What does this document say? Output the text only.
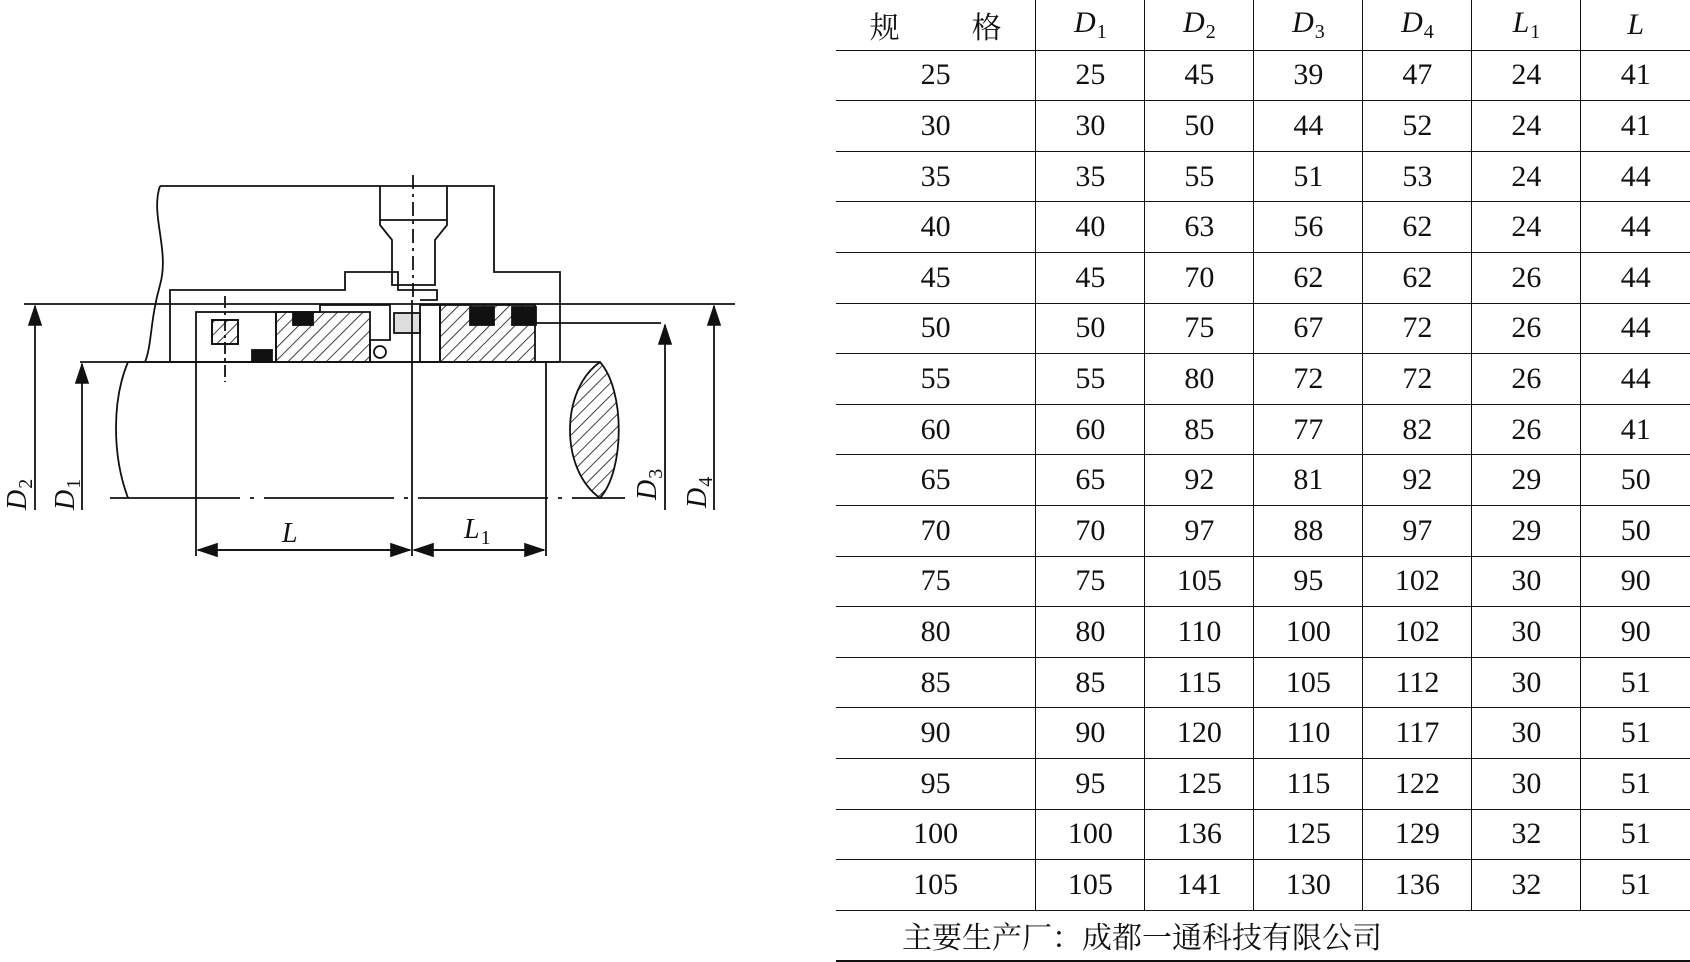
$D_2$
$D_1$	$D_3$
$D_4$
L	$L_1$
规 格	$D_1$	$D_2$	$D_3$	$D_4$	$L_1$	L
25	25	45	39	47	24	41
30	30	50	44	52	24	41
35	35	55	51	53	24	44
40	40	63	56	62	24	44
45	45	70	62	62	26	44
50	50	75	67	72	26	44
55	55	80	72	72	26	44
60	60	85	77	82	26	41
65	65	92	81	92	29	50
70	70	97	88	97	29	50
75	75	105	95	102	30	90
80	80	110	100	102	30	90
85	85	115	105	112	30	51
90	90	120	110	117	30	51
95	95	125	115	122	30	51
100	100	136	125	129	32	51
105	105	141	130	136	32	51
主要生产厂：成都一通科技有限公司						
